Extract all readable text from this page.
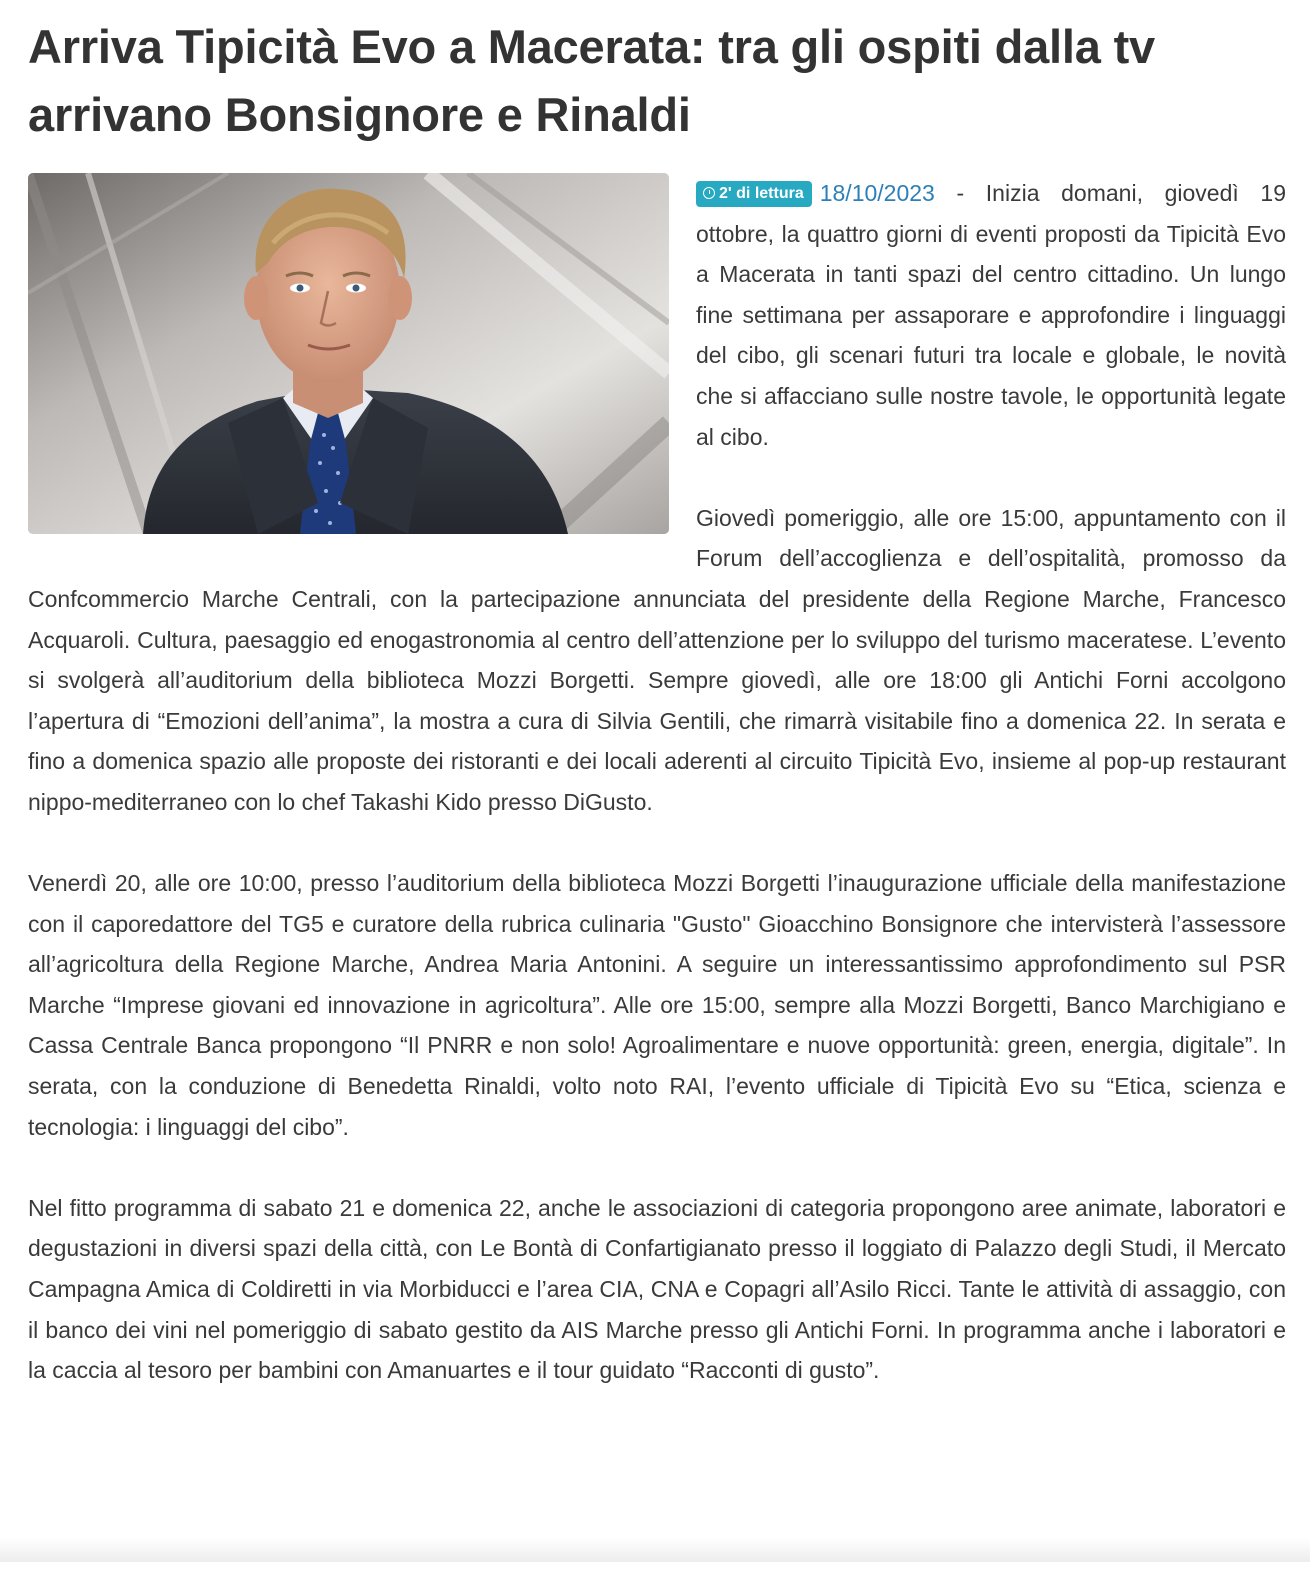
Arriva Tipicità Evo a Macerata: tra gli ospiti dalla tv arrivano Bonsignore e Rinaldi

2' di lettura 18/10/2023 - Inizia domani, giovedì 19 ottobre, la quattro giorni di eventi proposti da Tipicità Evo a Macerata in tanti spazi del centro cittadino. Un lungo fine settimana per assaporare e approfondire i linguaggi del cibo, gli scenari futuri tra locale e globale, le novità che si affacciano sulle nostre tavole, le opportunità legate al cibo.

Giovedì pomeriggio, alle ore 15:00, appuntamento con il Forum dell’accoglienza e dell’ospitalità, promosso da Confcommercio Marche Centrali, con la partecipazione annunciata del presidente della Regione Marche, Francesco Acquaroli. Cultura, paesaggio ed enogastronomia al centro dell’attenzione per lo sviluppo del turismo maceratese. L’evento si svolgerà all’auditorium della biblioteca Mozzi Borgetti. Sempre giovedì, alle ore 18:00 gli Antichi Forni accolgono l’apertura di “Emozioni dell’anima”, la mostra a cura di Silvia Gentili, che rimarrà visitabile fino a domenica 22. In serata e fino a domenica spazio alle proposte dei ristoranti e dei locali aderenti al circuito Tipicità Evo, insieme al pop-up restaurant nippo-mediterraneo con lo chef Takashi Kido presso DiGusto.

Venerdì 20, alle ore 10:00, presso l’auditorium della biblioteca Mozzi Borgetti l’inaugurazione ufficiale della manifestazione con il caporedattore del TG5 e curatore della rubrica culinaria "Gusto" Gioacchino Bonsignore che intervisterà l’assessore all’agricoltura della Regione Marche, Andrea Maria Antonini. A seguire un interessantissimo approfondimento sul PSR Marche “Imprese giovani ed innovazione in agricoltura”. Alle ore 15:00, sempre alla Mozzi Borgetti, Banco Marchigiano e Cassa Centrale Banca propongono “Il PNRR e non solo! Agroalimentare e nuove opportunità: green, energia, digitale”. In serata, con la conduzione di Benedetta Rinaldi, volto noto RAI, l’evento ufficiale di Tipicità Evo su “Etica, scienza e tecnologia: i linguaggi del cibo”.

Nel fitto programma di sabato 21 e domenica 22, anche le associazioni di categoria propongono aree animate, laboratori e degustazioni in diversi spazi della città, con Le Bontà di Confartigianato presso il loggiato di Palazzo degli Studi, il Mercato Campagna Amica di Coldiretti in via Morbiducci e l’area CIA, CNA e Copagri all’Asilo Ricci. Tante le attività di assaggio, con il banco dei vini nel pomeriggio di sabato gestito da AIS Marche presso gli Antichi Forni. In programma anche i laboratori e la caccia al tesoro per bambini con Amanuartes e il tour guidato “Racconti di gusto”.
